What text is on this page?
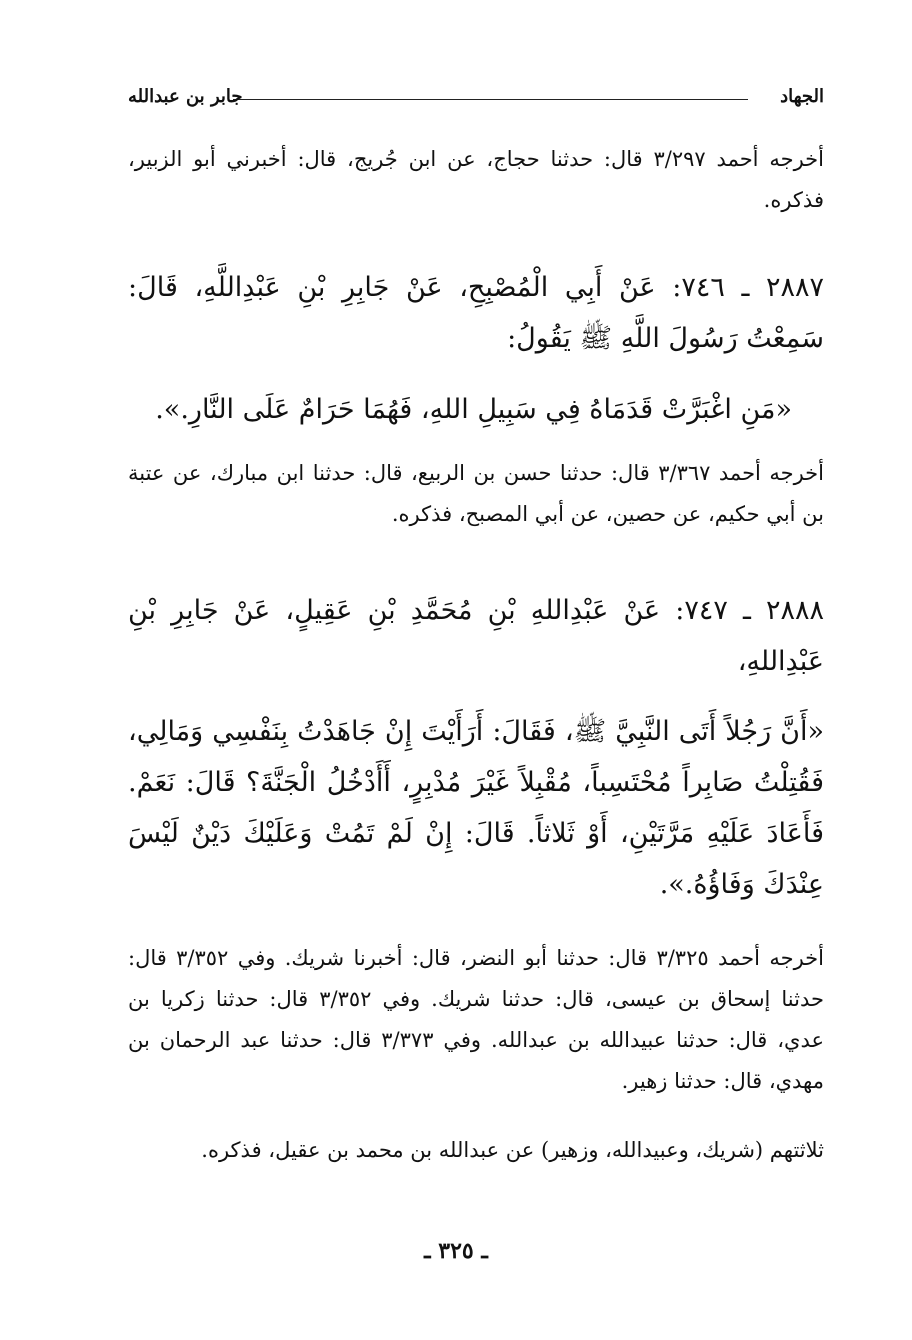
الجهاد
جابر بن عبدالله

أخرجه أحمد ٣/٢٩٧ قال: حدثنا حجاج، عن ابن جُريج، قال: أخبرني أبو الزبير، فذكره.

٢٨٨٧ ـ ٧٤٦: عَنْ أَبِي الْمُصْبِحِ، عَنْ جَابِرِ بْنِ عَبْدِاللَّهِ، قَالَ: سَمِعْتُ رَسُولَ اللَّهِ ﷺ يَقُولُ:

«مَنِ اغْبَرَّتْ قَدَمَاهُ فِي سَبِيلِ اللهِ، فَهُمَا حَرَامٌ عَلَى النَّارِ.».

أخرجه أحمد ٣/٣٦٧ قال: حدثنا حسن بن الربيع، قال: حدثنا ابن مبارك، عن عتبة بن أبي حكيم، عن حصين، عن أبي المصبح، فذكره.

٢٨٨٨ ـ ٧٤٧: عَنْ عَبْدِاللهِ بْنِ مُحَمَّدِ بْنِ عَقِيلٍ، عَنْ جَابِرِ بْنِ عَبْدِاللهِ،

«أَنَّ رَجُلاً أَتَى النَّبِيَّ ﷺ، فَقَالَ: أَرَأَيْتَ إِنْ جَاهَدْتُ بِنَفْسِي وَمَالِي، فَقُتِلْتُ صَابِراً مُحْتَسِباً، مُقْبِلاً غَيْرَ مُدْبِرٍ، أَأَدْخُلُ الْجَنَّةَ؟ قَالَ: نَعَمْ. فَأَعَادَ عَلَيْهِ مَرَّتَيْنِ، أَوْ ثَلاثاً. قَالَ: إِنْ لَمْ تَمُتْ وَعَلَيْكَ دَيْنٌ لَيْسَ عِنْدَكَ وَفَاؤُهُ.».

أخرجه أحمد ٣/٣٢٥ قال: حدثنا أبو النضر، قال: أخبرنا شريك. وفي ٣/٣٥٢ قال: حدثنا إسحاق بن عيسى، قال: حدثنا شريك. وفي ٣/٣٥٢ قال: حدثنا زكريا بن عدي، قال: حدثنا عبيدالله بن عبدالله. وفي ٣/٣٧٣ قال: حدثنا عبد الرحمان بن مهدي، قال: حدثنا زهير.

ثلاثتهم (شريك، وعبيدالله، وزهير) عن عبدالله بن محمد بن عقيل، فذكره.

ـ ٣٢٥ ـ
